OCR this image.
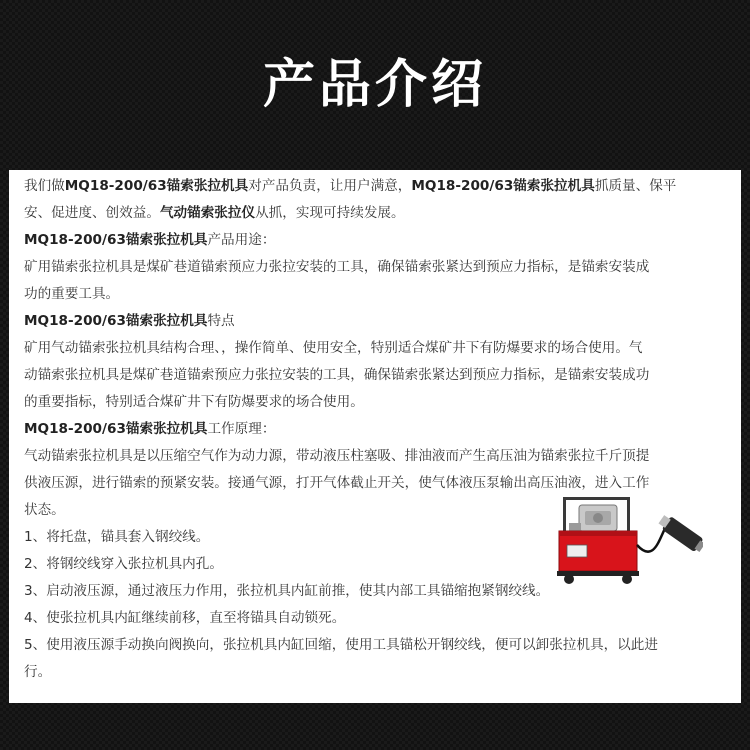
产品介绍
我们做MQ18-200/63锚索张拉机具对产品负责，让用户满意，MQ18-200/63锚索张拉机具抓质量、保平
安、促进度、创效益。气动锚索张拉仪从抓，实现可持续发展。
MQ18-200/63锚索张拉机具产品用途：
矿用锚索张拉机具是煤矿巷道锚索预应力张拉安装的工具，确保锚索张紧达到预应力指标，是锚索安装成
功的重要工具。
MQ18-200/63锚索张拉机具特点
矿用气动锚索张拉机具结构合理、，操作简单、使用安全，特别适合煤矿井下有防爆要求的场合使用。气
动锚索张拉机具是煤矿巷道锚索预应力张拉安装的工具，确保锚索张紧达到预应力指标，是锚索安装成功
的重要指标，特别适合煤矿井下有防爆要求的场合使用。
MQ18-200/63锚索张拉机具工作原理：
气动锚索张拉机具是以压缩空气作为动力源，带动液压柱塞吸、排油液而产生高压油为锚索张拉千斤顶提
供液压源，进行锚索的预紧安装。接通气源，打开气体截止开关，使气体液压泵输出高压油液，进入工作
状态。
1、将托盘，锚具套入钢绞线。
2、将钢绞线穿入张拉机具内孔。
3、启动液压源，通过液压力作用，张拉机具内缸前推，使其内部工具锚缩抱紧钢绞线。
4、使张拉机具内缸继续前移，直至将锚具自动锁死。
5、使用液压源手动换向阀换向，张拉机具内缸回缩，使用工具锚松开钢绞线，便可以卸张拉机具，以此进
行。
